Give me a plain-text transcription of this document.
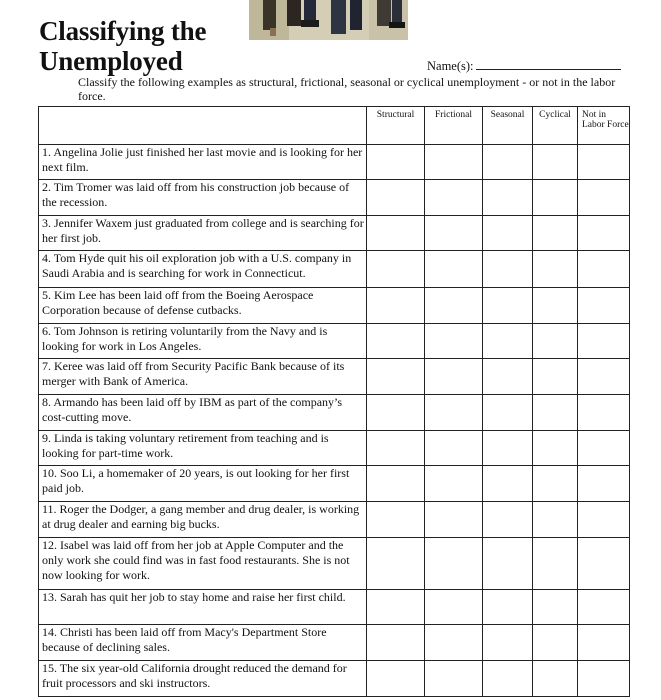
Classifying the
Unemployed	Name(s):
Classify the following examples as structural, frictional, seasonal or cyclical unemployment - or not in the labor force.
	Structural	Frictional	Seasonal	Cyclical	Not in Labor Force
1. Angelina Jolie just finished her last movie and is looking for her next film.					
2. Tim Tromer was laid off from his construction job because of the recession.					
3. Jennifer Waxem just graduated from college and is searching for her first job.					
4. Tom Hyde quit his oil exploration job with a U.S. company in Saudi Arabia and is searching for work in Connecticut.					
5. Kim Lee has been laid off from the Boeing Aerospace Corporation because of defense cutbacks.					
6. Tom Johnson is retiring voluntarily from the Navy and is looking for work in Los Angeles.					
7. Keree was laid off from Security Pacific Bank because of its merger with Bank of America.					
8. Armando has been laid off by IBM as part of the company’s cost-cutting move.					
9. Linda is taking voluntary retirement from teaching and is looking for part-time work.					
10. Soo Li, a homemaker of 20 years, is out looking for her first paid job.					
11. Roger the Dodger, a gang member and drug dealer, is working at drug dealer and earning big bucks.					
12. Isabel was laid off from her job at Apple Computer and the only work she could find was in fast food restaurants. She is not now looking for work.					
13. Sarah has quit her job to stay home and raise her first child.					
14. Christi has been laid off from Macy's Department Store because of declining sales.					
15. The six year-old California drought reduced the demand for fruit processors and ski instructors.					
